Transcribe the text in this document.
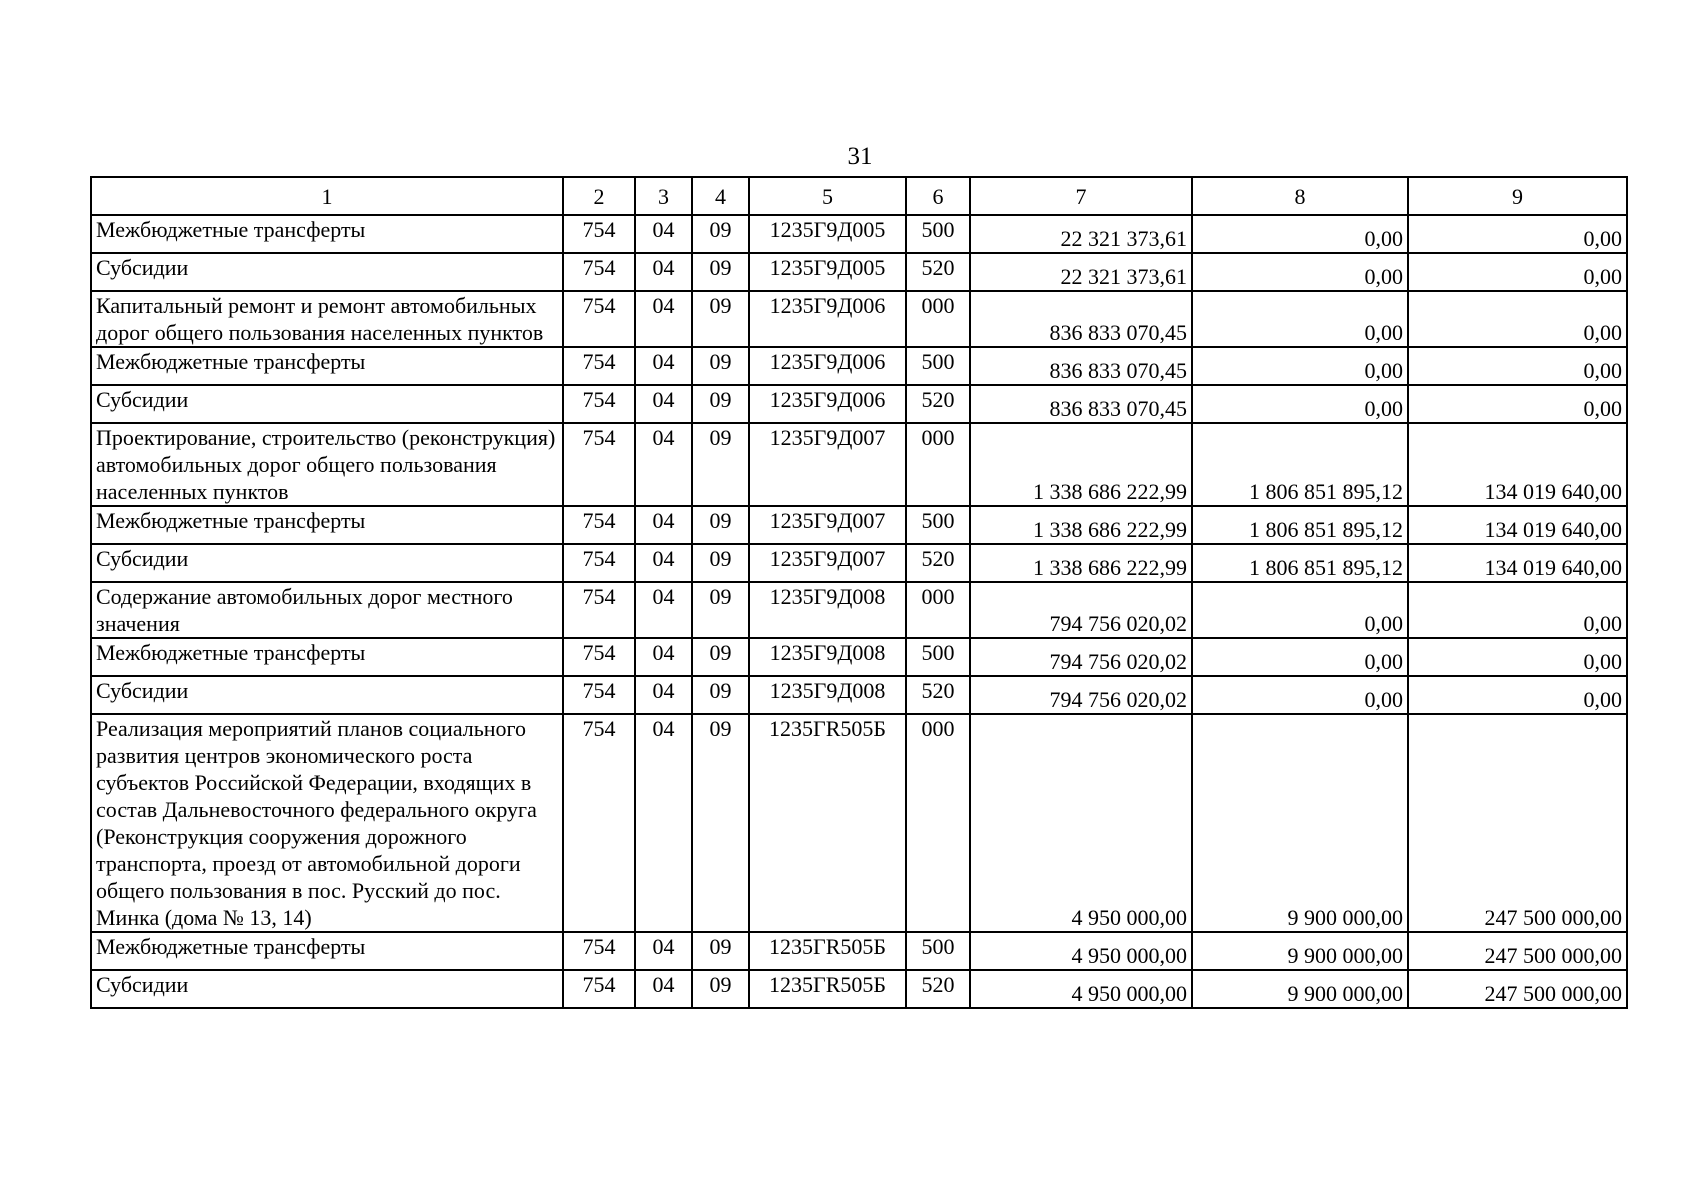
31
1	2	3	4	5	6	7	8	9
Межбюджетные трансферты	754	04	09	1235Г9Д005	500	22 321 373,61	0,00	0,00
Субсидии	754	04	09	1235Г9Д005	520	22 321 373,61	0,00	0,00
Капитальный ремонт и ремонт автомобильных дорог общего пользования населенных пунктов	754	04	09	1235Г9Д006	000	836 833 070,45	0,00	0,00
Межбюджетные трансферты	754	04	09	1235Г9Д006	500	836 833 070,45	0,00	0,00
Субсидии	754	04	09	1235Г9Д006	520	836 833 070,45	0,00	0,00
Проектирование, строительство (реконструкция) автомобильных дорог общего пользования населенных пунктов	754	04	09	1235Г9Д007	000	1 338 686 222,99	1 806 851 895,12	134 019 640,00
Межбюджетные трансферты	754	04	09	1235Г9Д007	500	1 338 686 222,99	1 806 851 895,12	134 019 640,00
Субсидии	754	04	09	1235Г9Д007	520	1 338 686 222,99	1 806 851 895,12	134 019 640,00
Содержание автомобильных дорог местного значения	754	04	09	1235Г9Д008	000	794 756 020,02	0,00	0,00
Межбюджетные трансферты	754	04	09	1235Г9Д008	500	794 756 020,02	0,00	0,00
Субсидии	754	04	09	1235Г9Д008	520	794 756 020,02	0,00	0,00
Реализация мероприятий планов социального развития центров экономического роста субъектов Российской Федерации, входящих в состав Дальневосточного федерального округа (Реконструкция сооружения дорожного транспорта, проезд от автомобильной дороги общего пользования в пос. Русский до пос. Минка (дома № 13, 14)	754	04	09	1235ГR505Б	000	4 950 000,00	9 900 000,00	247 500 000,00
Межбюджетные трансферты	754	04	09	1235ГR505Б	500	4 950 000,00	9 900 000,00	247 500 000,00
Субсидии	754	04	09	1235ГR505Б	520	4 950 000,00	9 900 000,00	247 500 000,00
